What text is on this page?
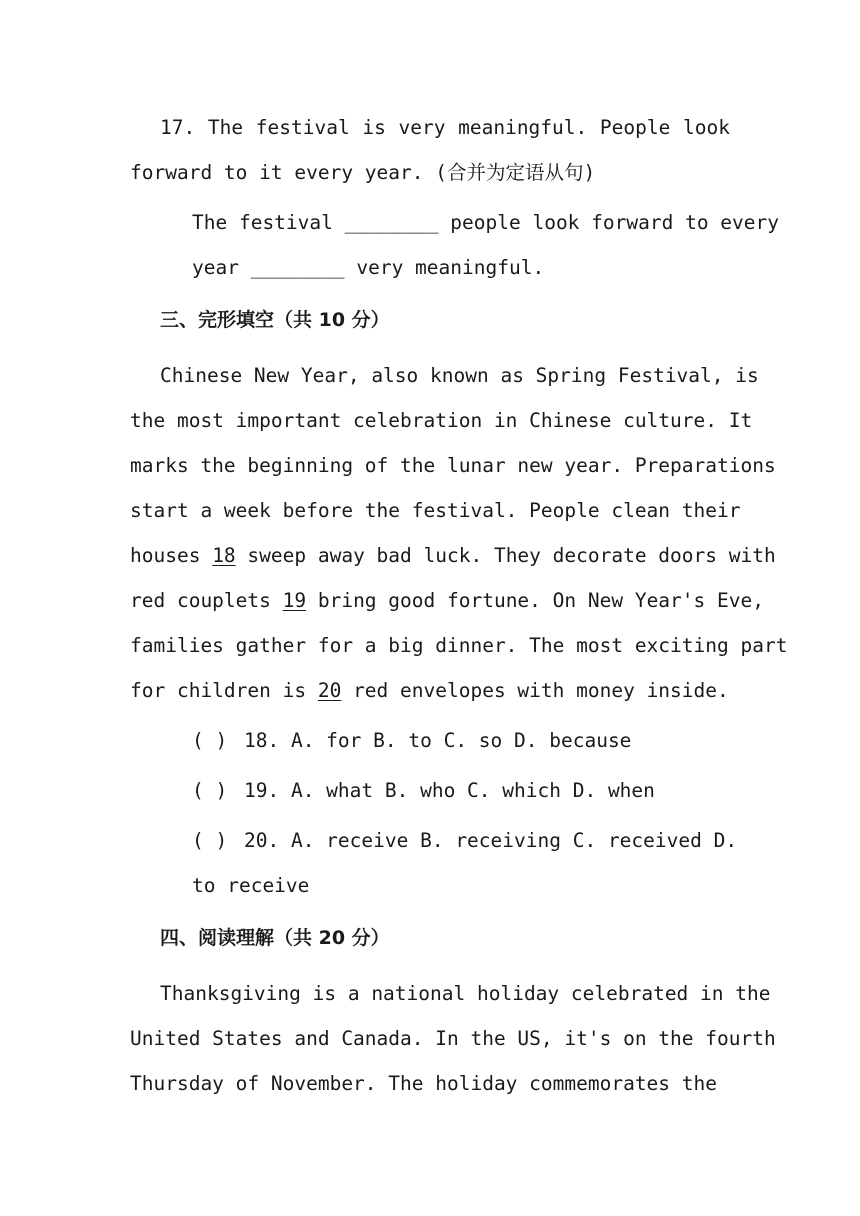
17. The festival is very meaningful. People look
forward to it every year. (合并为定语从句)
The festival ________ people look forward to every
year ________ very meaningful.
三、完形填空（共 10 分）
Chinese New Year, also known as Spring Festival, is
the most important celebration in Chinese culture. It
marks the beginning of the lunar new year. Preparations
start a week before the festival. People clean their
houses 18 sweep away bad luck. They decorate doors with
red couplets 19 bring good fortune. On New Year's Eve,
families gather for a big dinner. The most exciting part
for children is 20 red envelopes with money inside.
( ) 18. A. for B. to C. so D. because
( ) 19. A. what B. who C. which D. when
( ) 20. A. receive B. receiving C. received D.
to receive
四、阅读理解（共 20 分）
Thanksgiving is a national holiday celebrated in the
United States and Canada. In the US, it's on the fourth
Thursday of November. The holiday commemorates the
